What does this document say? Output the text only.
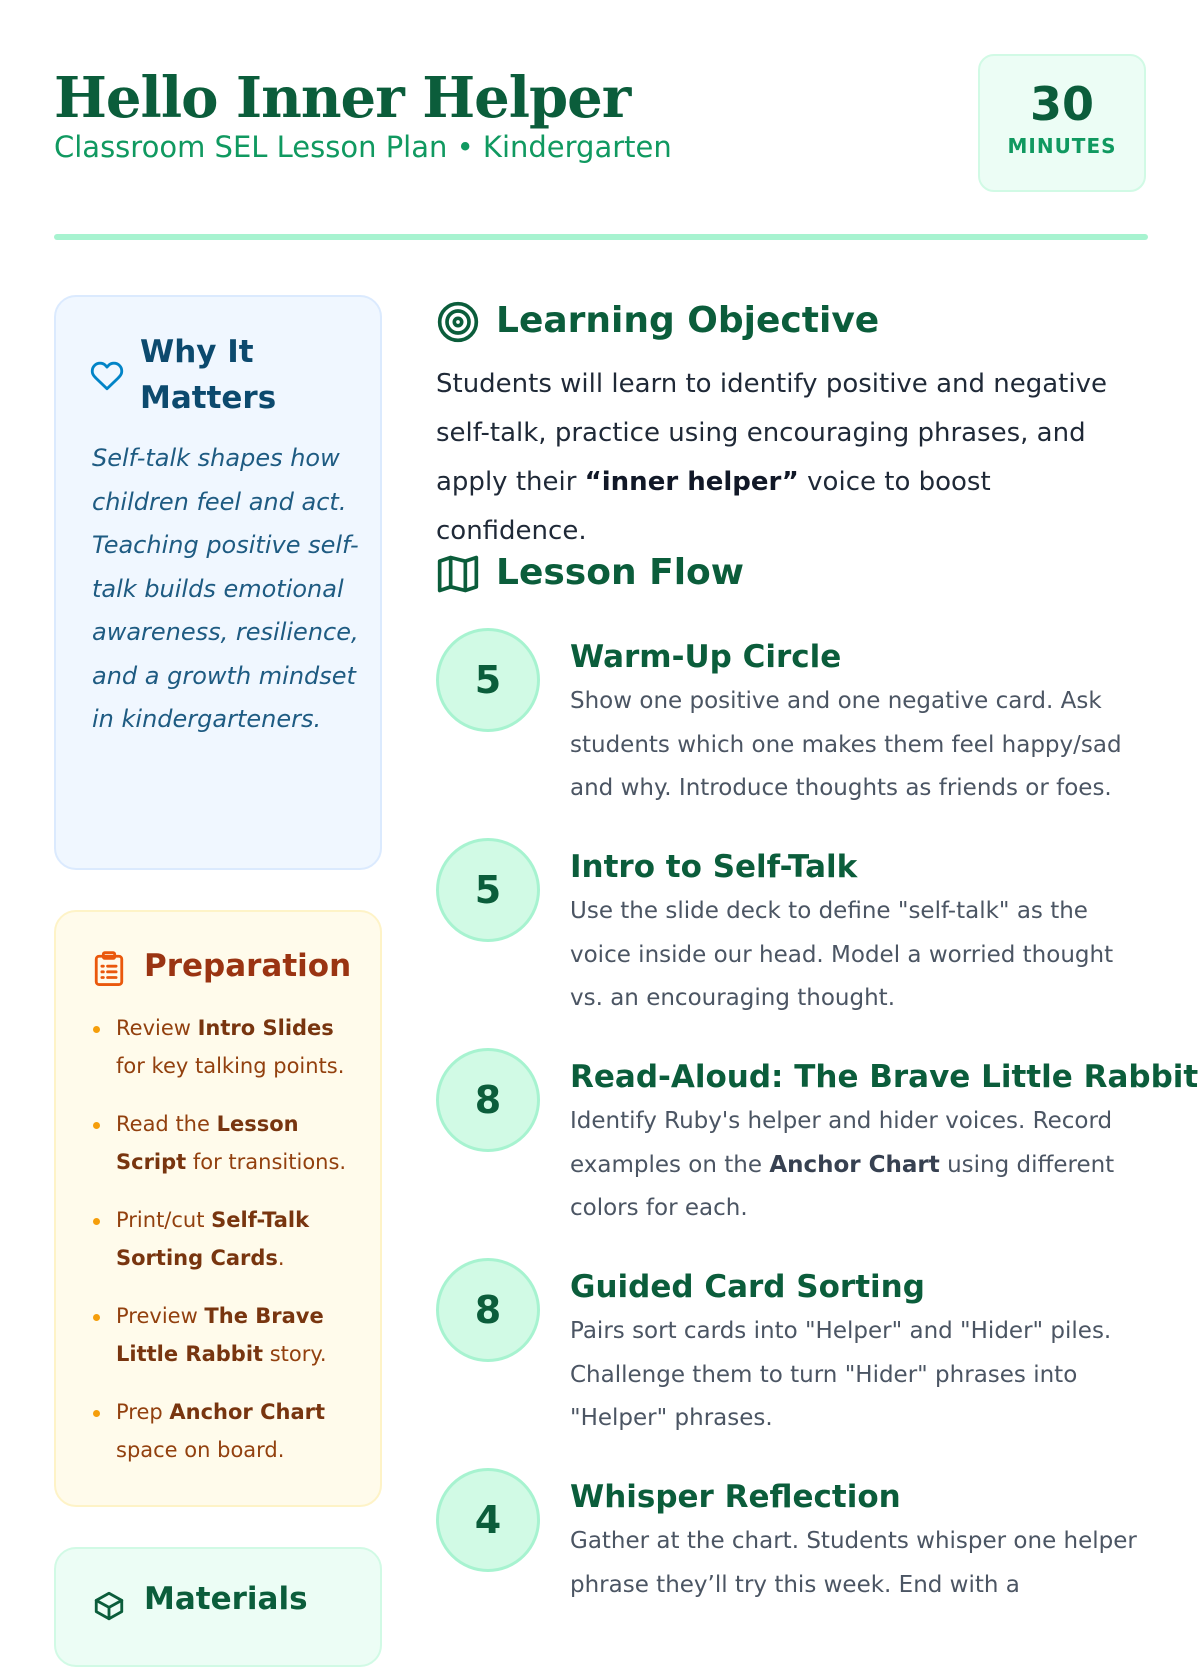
Hello Inner Helper
Classroom SEL Lesson Plan • Kindergarten
30
MINUTES
Why It Matters

Self-talk shapes how children feel and act. Teaching positive self-talk builds emotional awareness, resilience, and a growth mindset in kindergarteners.

Preparation
Review Intro Slides for key talking points.
Read the Lesson Script for transitions.
Print/cut Self-Talk Sorting Cards.
Preview The Brave Little Rabbit story.
Prep Anchor Chart space on board.
Materials
Learning Objective

Students will learn to identify positive and negative self-talk, practice using encouraging phrases, and apply their “inner helper” voice to boost confidence.

Lesson Flow
5
Warm-Up Circle

Show one positive and one negative card. Ask students which one makes them feel happy/sad and why. Introduce thoughts as friends or foes.

5
Intro to Self-Talk

Use the slide deck to define "self-talk" as the voice inside our head. Model a worried thought vs. an encouraging thought.

8
Read-Aloud: The Brave Little Rabbit

Identify Ruby's helper and hider voices. Record examples on the Anchor Chart using different colors for each.

8
Guided Card Sorting

Pairs sort cards into "Helper" and "Hider" piles. Challenge them to turn "Hider" phrases into "Helper" phrases.

4
Whisper Reflection

Gather at the chart. Students whisper one helper phrase they’ll try this week. End with a
